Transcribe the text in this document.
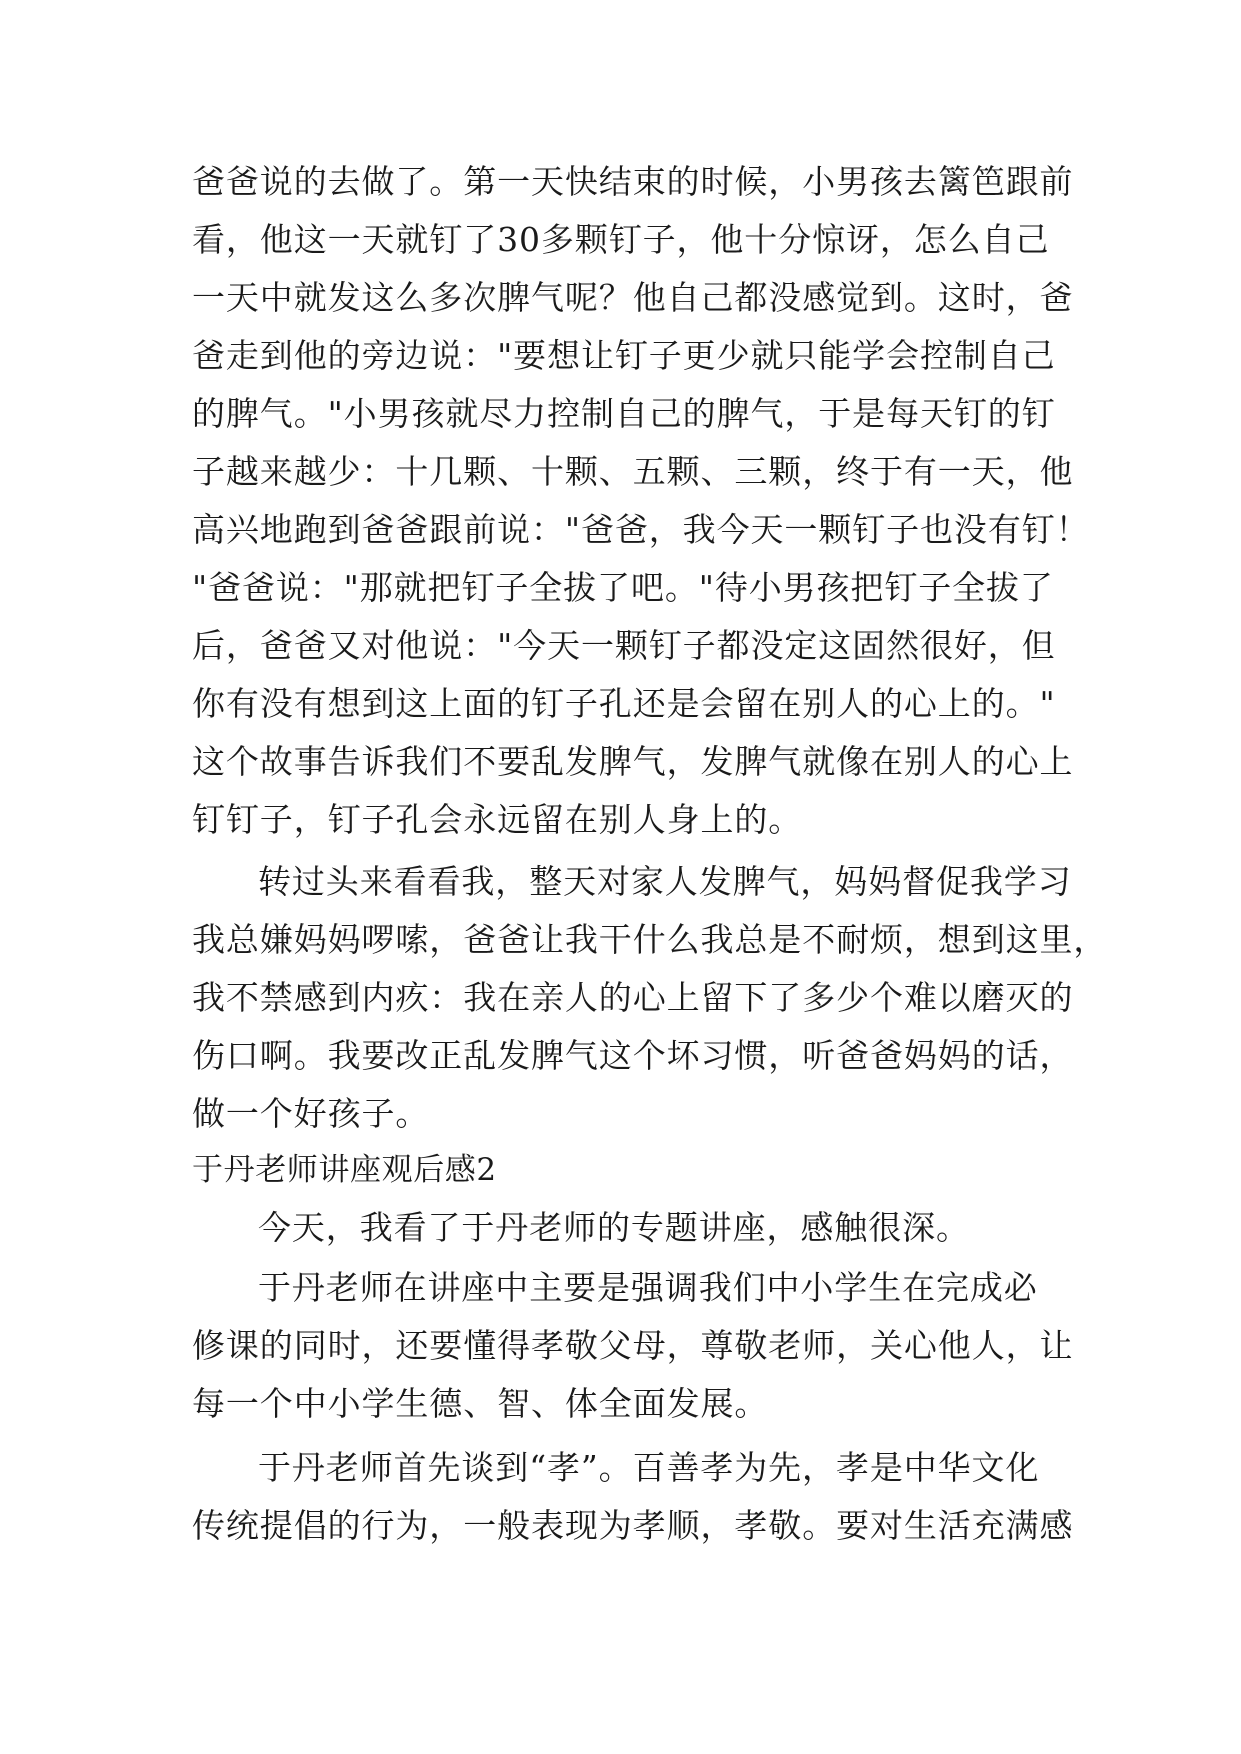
爸爸说的去做了。第一天快结束的时候，小男孩去篱笆跟前
看，他这一天就钉了30多颗钉子，他十分惊讶，怎么自己
一天中就发这么多次脾气呢？他自己都没感觉到。这时，爸
爸走到他的旁边说："要想让钉子更少就只能学会控制自己
的脾气。"小男孩就尽力控制自己的脾气，于是每天钉的钉
子越来越少：十几颗、十颗、五颗、三颗，终于有一天，他
高兴地跑到爸爸跟前说："爸爸，我今天一颗钉子也没有钉！
"爸爸说："那就把钉子全拔了吧。"待小男孩把钉子全拔了
后，爸爸又对他说："今天一颗钉子都没定这固然很好，但
你有没有想到这上面的钉子孔还是会留在别人的心上的。"
这个故事告诉我们不要乱发脾气，发脾气就像在别人的心上
钉钉子，钉子孔会永远留在别人身上的。
转过头来看看我，整天对家人发脾气，妈妈督促我学习
我总嫌妈妈啰嗦，爸爸让我干什么我总是不耐烦，想到这里，
我不禁感到内疚：我在亲人的心上留下了多少个难以磨灭的
伤口啊。我要改正乱发脾气这个坏习惯，听爸爸妈妈的话，
做一个好孩子。
于丹老师讲座观后感2
今天，我看了于丹老师的专题讲座，感触很深。
于丹老师在讲座中主要是强调我们中小学生在完成必
修课的同时，还要懂得孝敬父母，尊敬老师，关心他人，让
每一个中小学生德、智、体全面发展。
于丹老师首先谈到“孝”。百善孝为先，孝是中华文化
传统提倡的行为，一般表现为孝顺，孝敬。要对生活充满感
